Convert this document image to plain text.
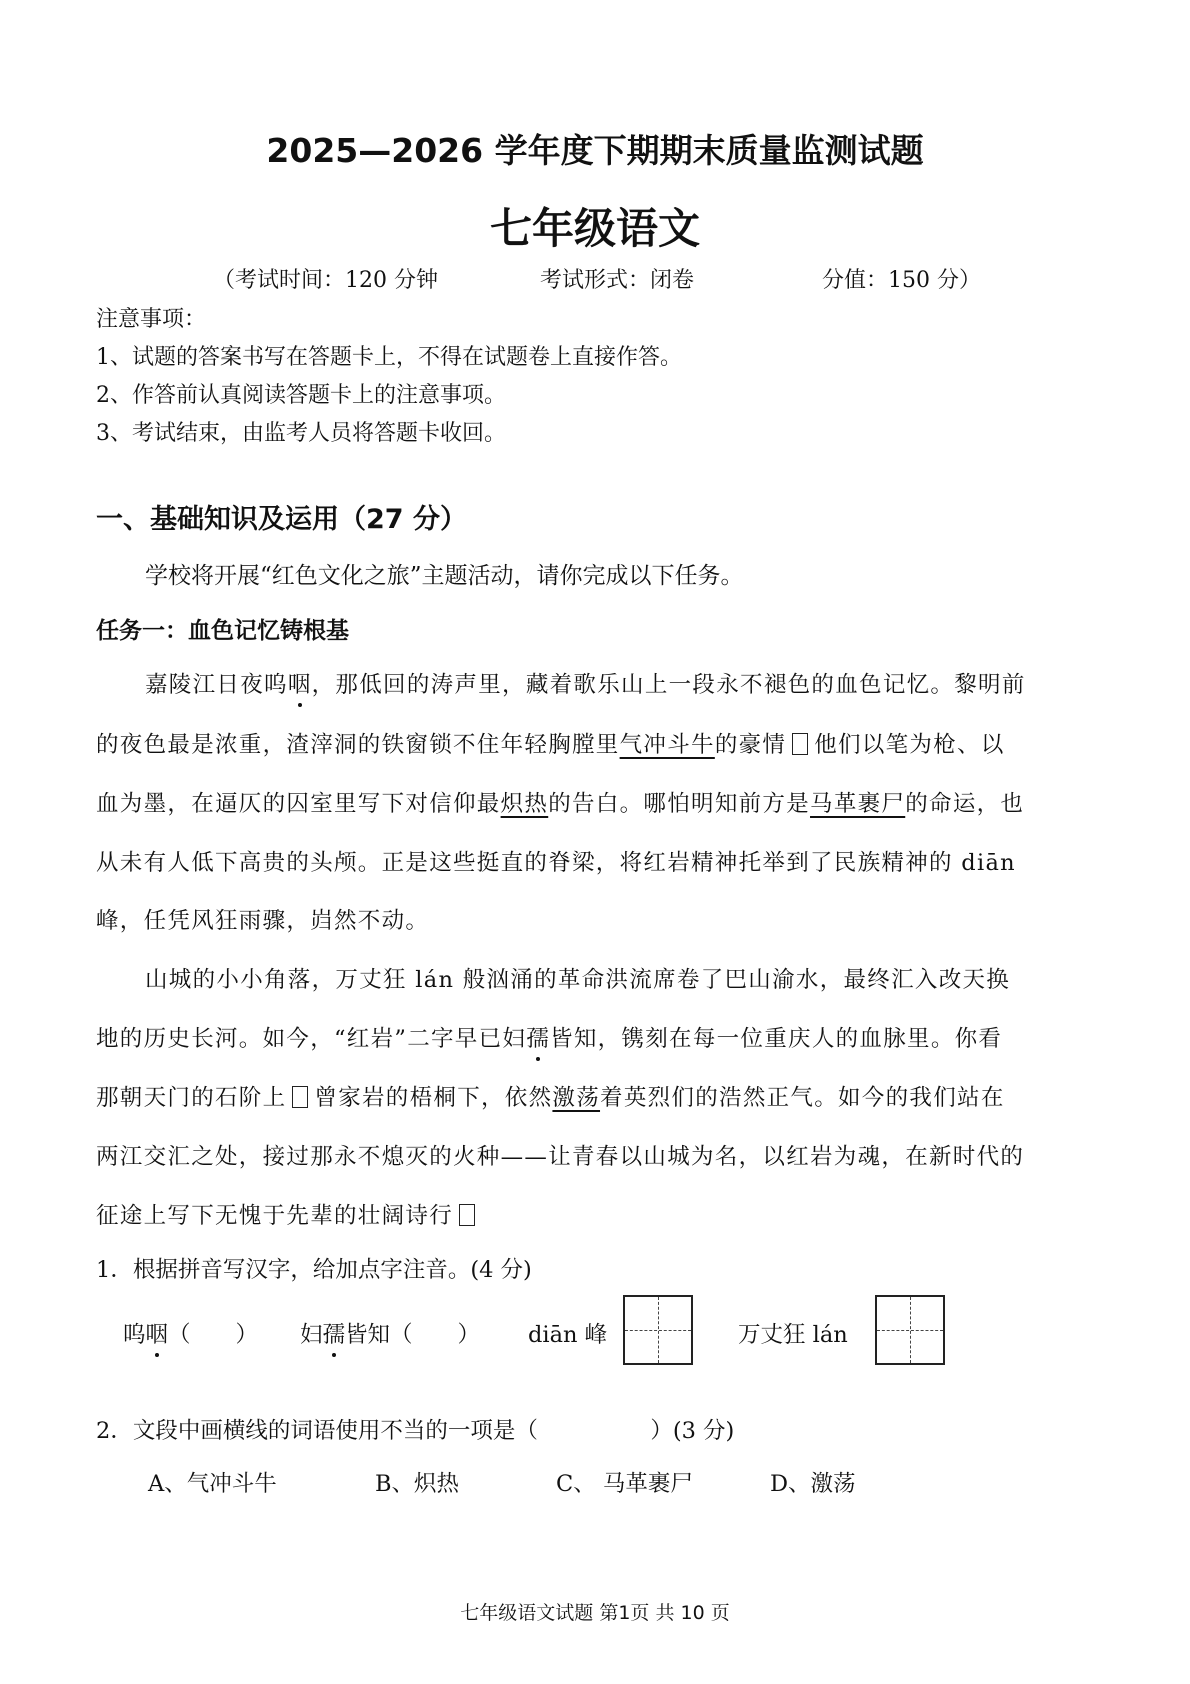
2025—2026 学年度下期期末质量监测试题
七年级语文
（考试时间：120 分钟	考试形式：闭卷	分值：150 分）
注意事项：
1、试题的答案书写在答题卡上，不得在试题卷上直接作答。
2、作答前认真阅读答题卡上的注意事项。
3、考试结束，由监考人员将答题卡收回。
一、基础知识及运用（27 分）
学校将开展“红色文化之旅”主题活动，请你完成以下任务。
任务一：血色记忆铸根基
嘉陵江日夜呜咽，那低回的涛声里，藏着歌乐山上一段永不褪色的血色记忆。黎明前
的夜色最是浓重，渣滓洞的铁窗锁不住年轻胸膛里气冲斗牛的豪情 他们以笔为枪、以
血为墨，在逼仄的囚室里写下对信仰最炽热的告白。哪怕明知前方是马革裹尸的命运，也
从未有人低下高贵的头颅。正是这些挺直的脊梁，将红岩精神托举到了民族精神的 diān
峰，任凭风狂雨骤，岿然不动。
山城的小小角落，万丈狂 lán 般汹涌的革命洪流席卷了巴山渝水，最终汇入改天换
地的历史长河。如今，“红岩”二字早已妇孺皆知，镌刻在每一位重庆人的血脉里。你看
那朝天门的石阶上 曾家岩的梧桐下，依然激荡着英烈们的浩然正气。如今的我们站在
两江交汇之处，接过那永不熄灭的火种——让青春以山城为名，以红岩为魂，在新时代的
征途上写下无愧于先辈的壮阔诗行
1．根据拼音写汉字，给加点字注音。(4 分)
呜咽（　　） 妇孺皆知（　　） diān 峰	万丈狂 lán
2．文段中画横线的词语使用不当的一项是（　　　　　）(3 分)
A、气冲斗牛	B、炽热	C、 马革裹尸	D、激荡
七年级语文试题 第1页 共 10 页
